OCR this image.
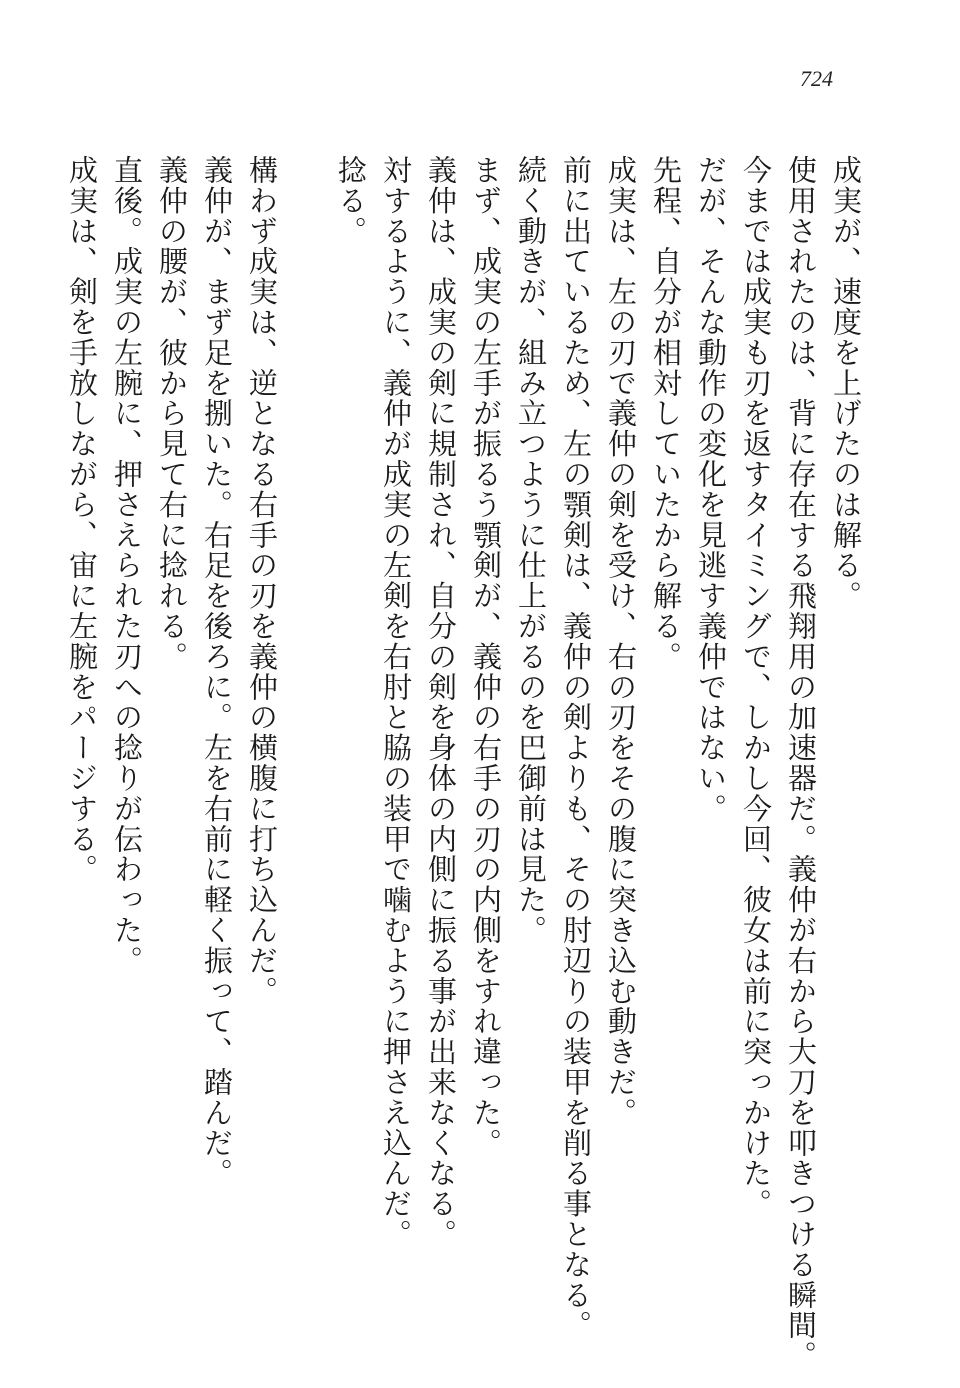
724
成実が、速度を上げたのは解る。
使用されたのは、背に存在する飛翔用の加速器だ。義仲が右から大刀を叩きつける瞬間。
今までは成実も刃を返すタイミングで、しかし今回、彼女は前に突っかけた。
だが、そんな動作の変化を見逃す義仲ではない。
先程、自分が相対していたから解る。
成実は、左の刃で義仲の剣を受け、右の刃をその腹に突き込む動きだ。
前に出ているため、左の顎剣は、義仲の剣よりも、その肘辺りの装甲を削る事となる。
続く動きが、組み立つように仕上がるのを巴御前は見た。
まず、成実の左手が振るう顎剣が、義仲の右手の刃の内側をすれ違った。
義仲は、成実の剣に規制され、自分の剣を身体の内側に振る事が出来なくなる。
対するように、義仲が成実の左剣を右肘と脇の装甲で噛むように押さえ込んだ。
捻る。
構わず成実は、逆となる右手の刃を義仲の横腹に打ち込んだ。
義仲が、まず足を捌いた。右足を後ろに。左を右前に軽く振って、踏んだ。
義仲の腰が、彼から見て右に捻れる。
直後。成実の左腕に、押さえられた刃への捻りが伝わった。
成実は、剣を手放しながら、宙に左腕をパージする。
